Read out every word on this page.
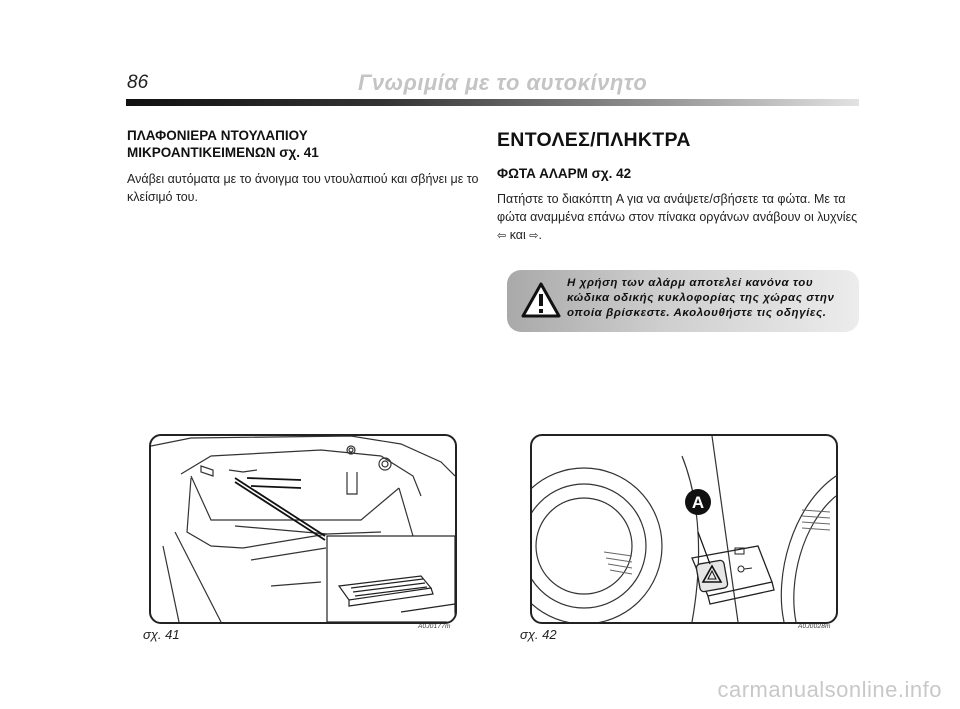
86	Γνωριμία με το αυτοκίνητο
ΠΛΑΦΟΝΙΕΡΑ ΝΤΟΥΛΑΠΙΟΥ
ΜΙΚΡΟΑΝΤΙΚΕΙΜΕΝΩΝ σχ. 41

Ανάβει αυτόματα με το άνοιγμα του ντουλαπιού και σβήνει με το κλείσιμό του.

ΕΝΤΟΛΕΣ/ΠΛΗΚΤΡΑ
ΦΩΤΑ ΑΛΑΡΜ σχ. 42

Πατήστε το διακόπτη A για να ανάψετε/σβήσετε τα φώτα. Με τα φώτα αναμμένα επάνω στον πίνακα οργάνων ανάβουν οι λυχνίες ⇦ και ⇨.

Η χρήση των αλάρμ αποτελεί κανόνα του κώδικα οδικής κυκλοφορίας της χώρας στην οποία βρίσκεστε. Ακολουθήστε τις οδηγίες.
σχ. 41
A0J0177m
A
σχ. 42
A0J0028m
carmanualsonline.info
